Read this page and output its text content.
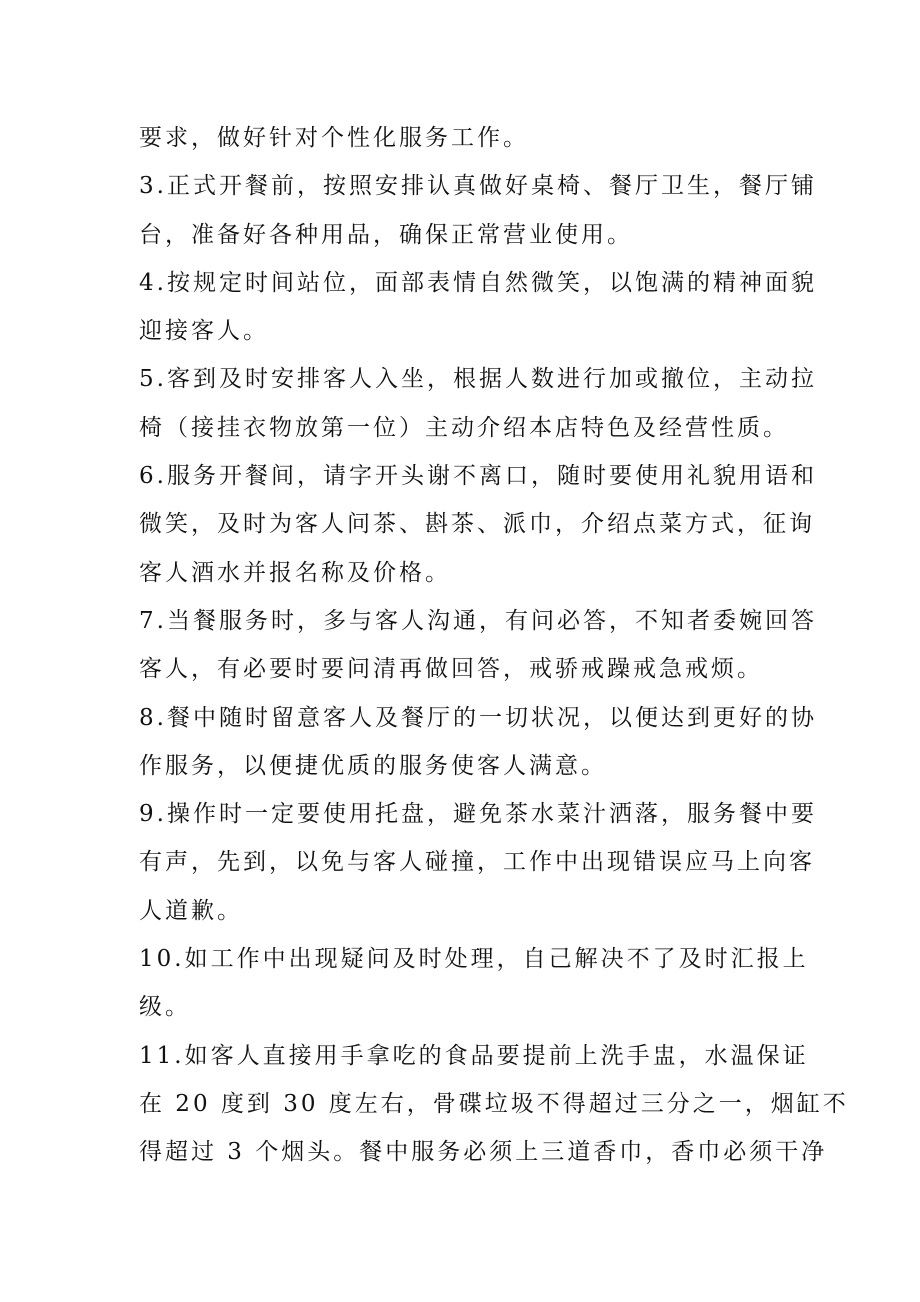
要求，做好针对个性化服务工作。
3.正式开餐前，按照安排认真做好桌椅、餐厅卫生，餐厅铺
台，准备好各种用品，确保正常营业使用。
4.按规定时间站位，面部表情自然微笑，以饱满的精神面貌
迎接客人。
5.客到及时安排客人入坐，根据人数进行加或撤位，主动拉
椅（接挂衣物放第一位）主动介绍本店特色及经营性质。
6.服务开餐间，请字开头谢不离口，随时要使用礼貌用语和
微笑，及时为客人问茶、斟茶、派巾，介绍点菜方式，征询
客人酒水并报名称及价格。
7.当餐服务时，多与客人沟通，有问必答，不知者委婉回答
客人，有必要时要问清再做回答，戒骄戒躁戒急戒烦。
8.餐中随时留意客人及餐厅的一切状况，以便达到更好的协
作服务，以便捷优质的服务使客人满意。
9.操作时一定要使用托盘，避免茶水菜汁洒落，服务餐中要
有声，先到，以免与客人碰撞，工作中出现错误应马上向客
人道歉。
10.如工作中出现疑问及时处理，自己解决不了及时汇报上
级。
11.如客人直接用手拿吃的食品要提前上洗手盅，水温保证
在 20 度到 30 度左右，骨碟垃圾不得超过三分之一，烟缸不
得超过 3 个烟头。餐中服务必须上三道香巾，香巾必须干净
